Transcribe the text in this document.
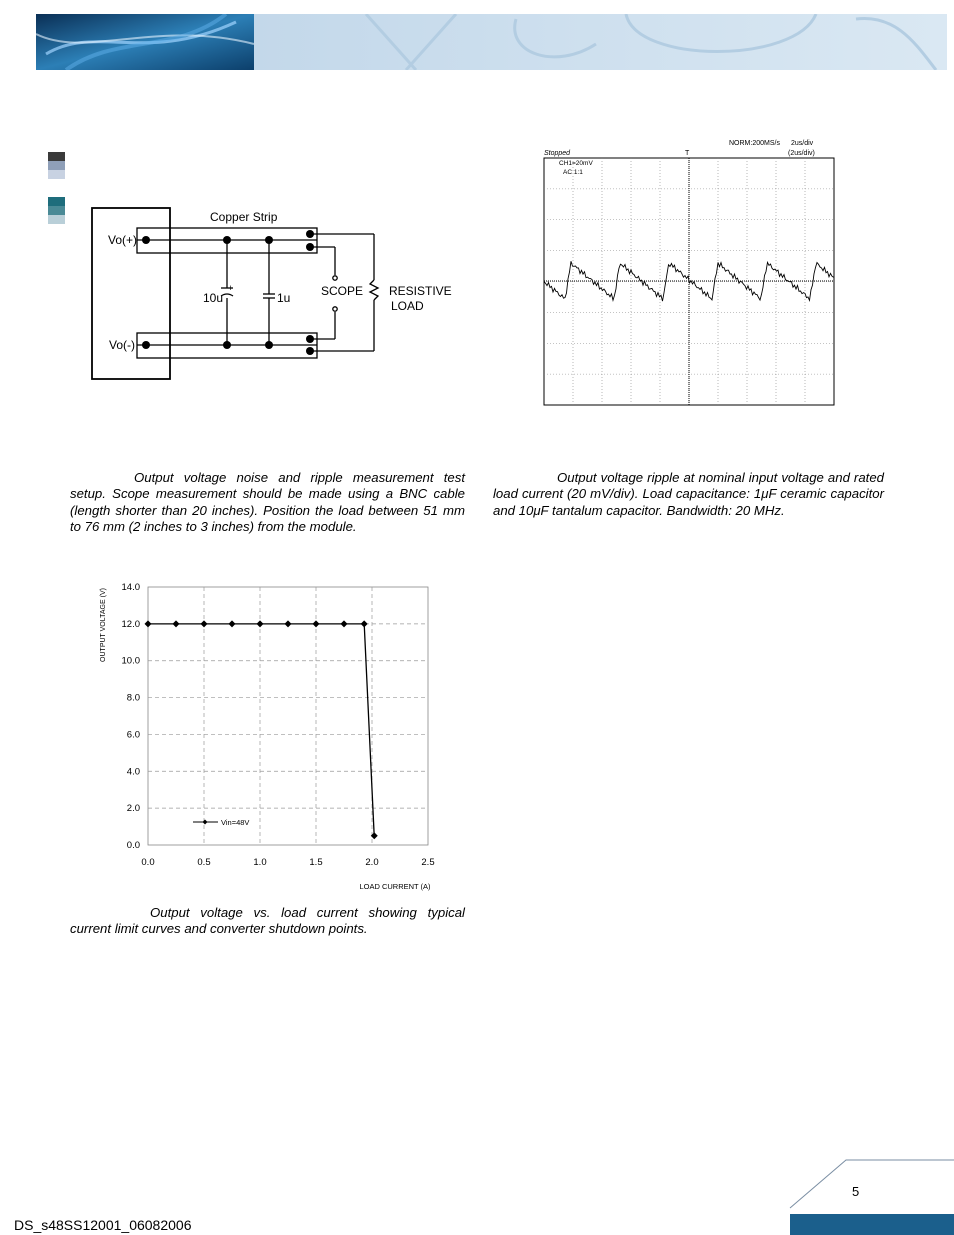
Copper Strip
Vo(+)
Vo(-)
10u
+
1u	SCOPE RESISTIVE
LOAD
NORM:200MS/s 2us/div
(2us/div)
Stopped
CH1=20mV
AC 1:1
T
Output voltage noise and ripple measurement test setup. Scope measurement should be made using a BNC cable (length shorter than 20 inches). Position the load between 51 mm to 76 mm (2 inches to 3 inches) from the module.
Output voltage ripple at nominal input voltage and rated load current (20 mV/div). Load capacitance: 1μF ceramic capacitor and 10μF tantalum capacitor. Bandwidth: 20 MHz.
0.0	0.5	1.0	1.5	2.0	2.5
0.0
2.0
4.0
6.0
8.0
10.0
12.0
14.0
Vin=48V
LOAD CURRENT (A)
OUTPUT VOLTAGE (V)
Output voltage vs. load current showing typical current limit curves and converter shutdown points.
5
DS_s48SS12001_06082006
